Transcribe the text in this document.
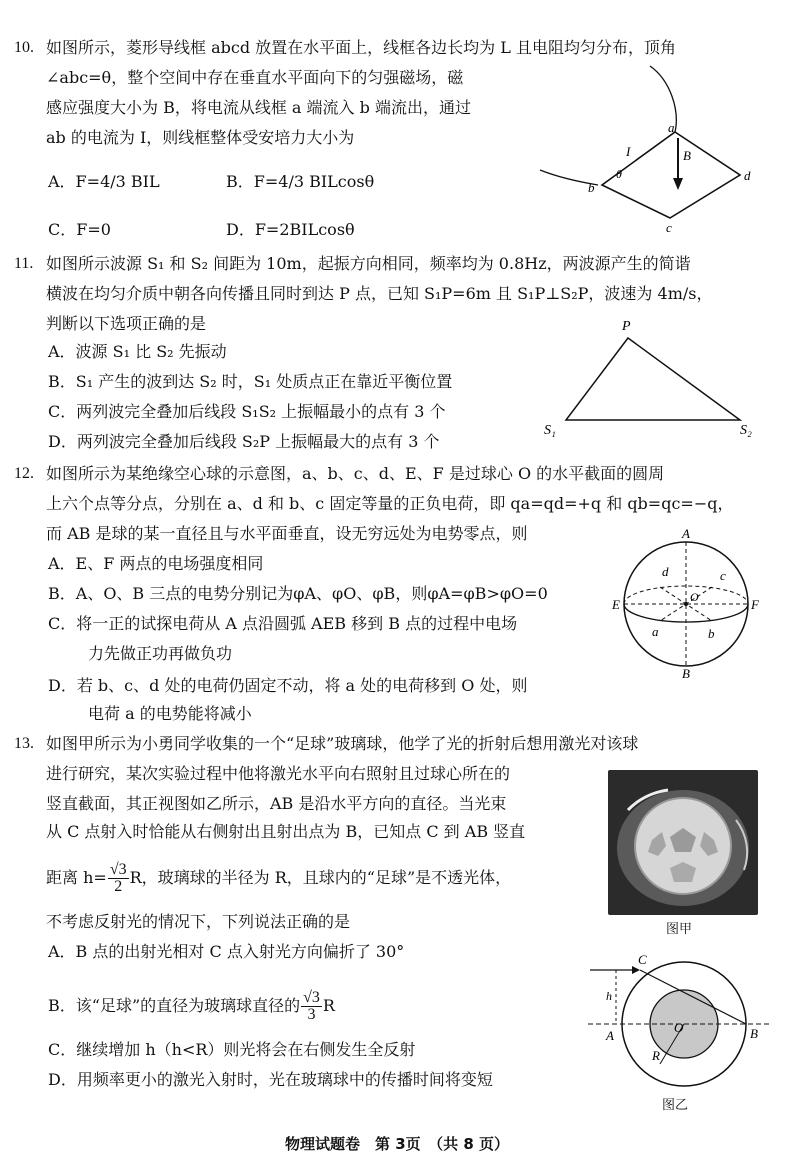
10. 如图所示，菱形导线框 abcd 放置在水平面上，线框各边长均为 L 且电阻均匀分布，顶角
∠abc=θ，整个空间中存在垂直水平面向下的匀强磁场，磁
感应强度大小为 B，将电流从线框 a 端流入 b 端流出，通过
ab 的电流为 I，则线框整体受安培力大小为
A．F=4/3 BIL	B．F=4/3 BILcosθ
C．F=0	D．F=2BILcosθ
a
b
c
d
B
I
θ
11. 如图所示波源 S₁ 和 S₂ 间距为 10m，起振方向相同，频率均为 0.8Hz，两波源产生的简谐
横波在均匀介质中朝各向传播且同时到达 P 点，已知 S₁P=6m 且 S₁P⊥S₂P，波速为 4m/s，
判断以下选项正确的是
A．波源 S₁ 比 S₂ 先振动
B．S₁ 产生的波到达 S₂ 时，S₁ 处质点正在靠近平衡位置
C．两列波完全叠加后线段 S₁S₂ 上振幅最小的点有 3 个
D．两列波完全叠加后线段 S₂P 上振幅最大的点有 3 个
P
S₁	S₂
12. 如图所示为某绝缘空心球的示意图，a、b、c、d、E、F 是过球心 O 的水平截面的圆周
上六个点等分点，分别在 a、d 和 b、c 固定等量的正负电荷，即 qa=qd=+q 和 qb=qc=−q，
而 AB 是球的某一直径且与水平面垂直，设无穷远处为电势零点，则
A．E、F 两点的电场强度相同
B．A、O、B 三点的电势分别记为φA、φO、φB，则φA=φB>φO=0
C．将一正的试探电荷从 A 点沿圆弧 AEB 移到 B 点的过程中电场
力先做正功再做负功
D．若 b、c、d 处的电荷仍固定不动，将 a 处的电荷移到 O 处，则
电荷 a 的电势能将减小
A
B
E	F
O
a	b
c
d
13. 如图甲所示为小勇同学收集的一个“足球”玻璃球，他学了光的折射后想用激光对该球
进行研究，某次实验过程中他将激光水平向右照射且过球心所在的
竖直截面，其正视图如乙所示，AB 是沿水平方向的直径。当光束
从 C 点射入时恰能从右侧射出且射出点为 B，已知点 C 到 AB 竖直
距离 $h= \frac{√3}{2}$ R，玻璃球的半径为 R，且球内的“足球”是不透光体，
不考虑反射光的情况下，下列说法正确的是
A．B 点的出射光相对 C 点入射光方向偏折了 30°
B．该“足球”的直径为玻璃球直径的 $\frac{√3}{3}$ R
C．继续增加 h（h<R）则光将会在右侧发生全反射
D．用频率更小的激光入射时，光在玻璃球中的传播时间将变短
图甲
C
h
A	B
O
R
图乙
物理试题卷　第 3页　（共 8 页）
